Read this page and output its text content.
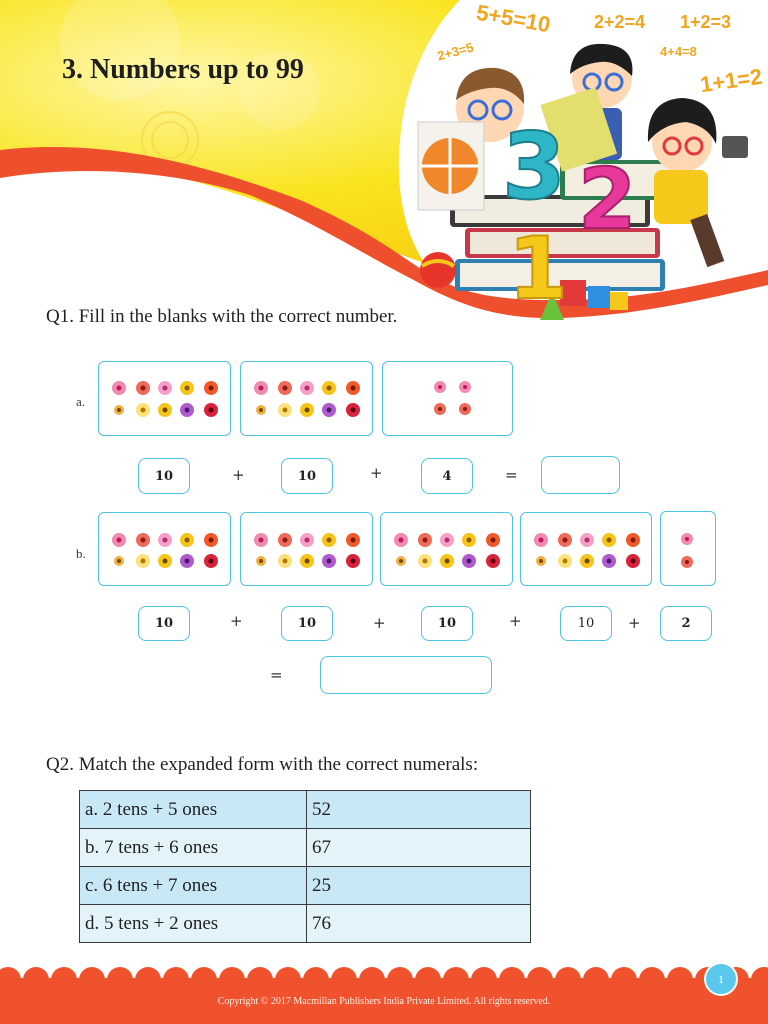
3. Numbers up to 99
5+5=10 2+2=4 1+2=3
2+3=5	4+4=8
1+1=2
3 2
1
Q1. Fill in the blanks with the correct number.
a.
10	+	10	+	4	=
b.
10	+	10	+	10	+	10	+	2
=
Q2. Match the expanded form with the correct numerals:
a. 2 tens + 5 ones	52
b. 7 tens + 6 ones	67
c. 6 tens + 7 ones	25
d. 5 tens + 2 ones	76
Copyright © 2017 Macmillan Publishers India Private Limited. All rights reserved.
1
